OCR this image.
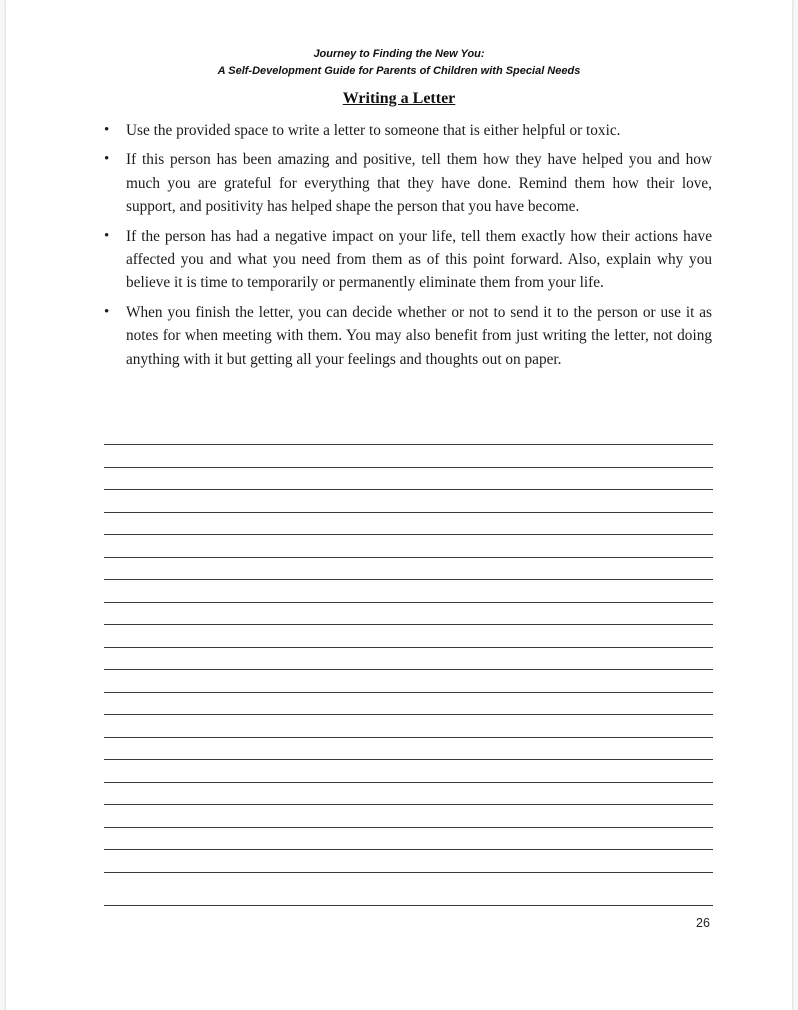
Journey to Finding the New You:
A Self-Development Guide for Parents of Children with Special Needs
Writing a Letter
• Use the provided space to write a letter to someone that is either helpful or toxic.
• If this person has been amazing and positive, tell them how they have helped you and how much you are grateful for everything that they have done. Remind them how their love, support, and positivity has helped shape the person that you have become.
• If the person has had a negative impact on your life, tell them exactly how their actions have affected you and what you need from them as of this point forward. Also, explain why you believe it is time to temporarily or permanently eliminate them from your life.
• When you finish the letter, you can decide whether or not to send it to the person or use it as notes for when meeting with them. You may also benefit from just writing the letter, not doing anything with it but getting all your feelings and thoughts out on paper.
26
